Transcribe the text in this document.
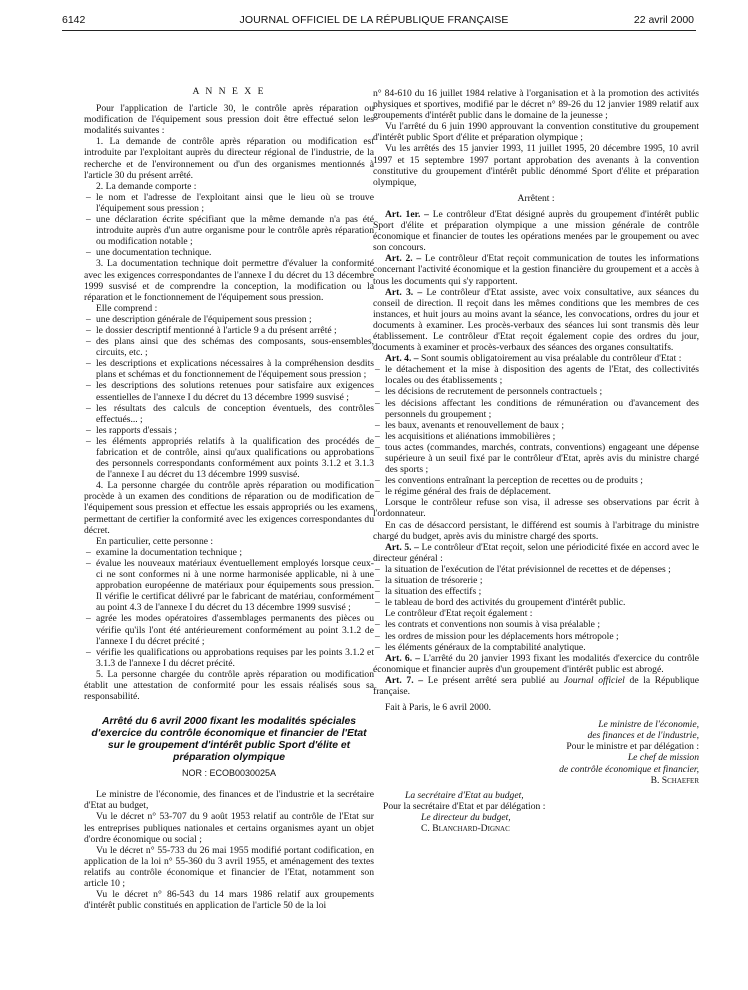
6142	JOURNAL OFFICIEL DE LA RÉPUBLIQUE FRANÇAISE	22 avril 2000

A N N E X E

Pour l'application de l'article 30, le contrôle après réparation ou modification de l'équipement sous pression doit être effectué selon les modalités suivantes :

1. La demande de contrôle après réparation ou modification est introduite par l'exploitant auprès du directeur régional de l'industrie, de la recherche et de l'environnement ou d'un des organismes mentionnés à l'article 30 du présent arrêté.

2. La demande comporte :

– le nom et l'adresse de l'exploitant ainsi que le lieu où se trouve l'équipement sous pression ;
– une déclaration écrite spécifiant que la même demande n'a pas été introduite auprès d'un autre organisme pour le contrôle après réparation ou modification notable ;
– une documentation technique.

3. La documentation technique doit permettre d'évaluer la conformité avec les exigences correspondantes de l'annexe I du décret du 13 décembre 1999 susvisé et de comprendre la conception, la modification ou la réparation et le fonctionnement de l'équipement sous pression.

Elle comprend :

– une description générale de l'équipement sous pression ;
– le dossier descriptif mentionné à l'article 9 a du présent arrêté ;
– des plans ainsi que des schémas des composants, sous-ensembles, circuits, etc. ;
– les descriptions et explications nécessaires à la compréhension desdits plans et schémas et du fonctionnement de l'équipement sous pression ;
– les descriptions des solutions retenues pour satisfaire aux exigences essentielles de l'annexe I du décret du 13 décembre 1999 susvisé ;
– les résultats des calculs de conception éventuels, des contrôles effectués... ;
– les rapports d'essais ;
– les éléments appropriés relatifs à la qualification des procédés de fabrication et de contrôle, ainsi qu'aux qualifications ou approbations des personnels correspondants conformément aux points 3.1.2 et 3.1.3 de l'annexe I au décret du 13 décembre 1999 susvisé.

4. La personne chargée du contrôle après réparation ou modification procède à un examen des conditions de réparation ou de modification de l'équipement sous pression et effectue les essais appropriés ou les examens permettant de certifier la conformité avec les exigences correspondantes du décret.

En particulier, cette personne :

– examine la documentation technique ;
– évalue les nouveaux matériaux éventuellement employés lorsque ceux-ci ne sont conformes ni à une norme harmonisée applicable, ni à une approbation européenne de matériaux pour équipements sous pression. Il vérifie le certificat délivré par le fabricant de matériau, conformément au point 4.3 de l'annexe I du décret du 13 décembre 1999 susvisé ;
– agrée les modes opératoires d'assemblages permanents des pièces ou vérifie qu'ils l'ont été antérieurement conformément au point 3.1.2 de l'annexe I du décret précité ;
– vérifie les qualifications ou approbations requises par les points 3.1.2 et 3.1.3 de l'annexe I du décret précité.

5. La personne chargée du contrôle après réparation ou modification établit une attestation de conformité pour les essais réalisés sous sa responsabilité.

Arrêté du 6 avril 2000 fixant les modalités spéciales d'exercice du contrôle économique et financier de l'Etat sur le groupement d'intérêt public Sport d'élite et préparation olympique

NOR : ECOB0030025A

Le ministre de l'économie, des finances et de l'industrie et la secrétaire d'Etat au budget,

Vu le décret n° 53-707 du 9 août 1953 relatif au contrôle de l'Etat sur les entreprises publiques nationales et certains organismes ayant un objet d'ordre économique ou social ;

Vu le décret n° 55-733 du 26 mai 1955 modifié portant codification, en application de la loi n° 55-360 du 3 avril 1955, et aménagement des textes relatifs au contrôle économique et financier de l'Etat, notamment son article 10 ;

Vu le décret n° 86-543 du 14 mars 1986 relatif aux groupements d'intérêt public constitués en application de l'article 50 de la loi

n° 84-610 du 16 juillet 1984 relative à l'organisation et à la promotion des activités physiques et sportives, modifié par le décret n° 89-26 du 12 janvier 1989 relatif aux groupements d'intérêt public dans le domaine de la jeunesse ;

Vu l'arrêté du 6 juin 1990 approuvant la convention constitutive du groupement d'intérêt public Sport d'élite et préparation olympique ;

Vu les arrêtés des 15 janvier 1993, 11 juillet 1995, 20 décembre 1995, 10 avril 1997 et 15 septembre 1997 portant approbation des avenants à la convention constitutive du groupement d'intérêt public dénommé Sport d'élite et préparation olympique,

Arrêtent :

Art. 1er. – Le contrôleur d'Etat désigné auprès du groupement d'intérêt public Sport d'élite et préparation olympique a une mission générale de contrôle économique et financier de toutes les opérations menées par le groupement ou avec son concours.

Art. 2. – Le contrôleur d'Etat reçoit communication de toutes les informations concernant l'activité économique et la gestion financière du groupement et a accès à tous les documents qui s'y rapportent.

Art. 3. – Le contrôleur d'Etat assiste, avec voix consultative, aux séances du conseil de direction. Il reçoit dans les mêmes conditions que les membres de ces instances, et huit jours au moins avant la séance, les convocations, ordres du jour et documents à examiner. Les procès-verbaux des séances lui sont transmis dès leur établissement. Le contrôleur d'Etat reçoit également copie des ordres du jour, documents à examiner et procès-verbaux des séances des organes consultatifs.

Art. 4. – Sont soumis obligatoirement au visa préalable du contrôleur d'Etat :

– le détachement et la mise à disposition des agents de l'Etat, des collectivités locales ou des établissements ;
– les décisions de recrutement de personnels contractuels ;
– les décisions affectant les conditions de rémunération ou d'avancement des personnels du groupement ;
– les baux, avenants et renouvellement de baux ;
– les acquisitions et aliénations immobilières ;
– tous actes (commandes, marchés, contrats, conventions) engageant une dépense supérieure à un seuil fixé par le contrôleur d'Etat, après avis du ministre chargé des sports ;
– les conventions entraînant la perception de recettes ou de produits ;
– le régime général des frais de déplacement.

Lorsque le contrôleur refuse son visa, il adresse ses observations par écrit à l'ordonnateur.

En cas de désaccord persistant, le différend est soumis à l'arbitrage du ministre chargé du budget, après avis du ministre chargé des sports.

Art. 5. – Le contrôleur d'Etat reçoit, selon une périodicité fixée en accord avec le directeur général :

– la situation de l'exécution de l'état prévisionnel de recettes et de dépenses ;
– la situation de trésorerie ;
– la situation des effectifs ;
– le tableau de bord des activités du groupement d'intérêt public.

Le contrôleur d'Etat reçoit également :

– les contrats et conventions non soumis à visa préalable ;
– les ordres de mission pour les déplacements hors métropole ;
– les éléments généraux de la comptabilité analytique.

Art. 6. – L'arrêté du 20 janvier 1993 fixant les modalités d'exercice du contrôle économique et financier auprès d'un groupement d'intérêt public est abrogé.

Art. 7. – Le présent arrêté sera publié au Journal officiel de la République française.

Fait à Paris, le 6 avril 2000.

Le ministre de l'économie,

des finances et de l'industrie,

Pour le ministre et par délégation :

Le chef de mission

de contrôle économique et financier,

B. Schaefer

La secrétaire d'Etat au budget,

Pour la secrétaire d'Etat et par délégation :

Le directeur du budget,

C. Blanchard-Dignac
